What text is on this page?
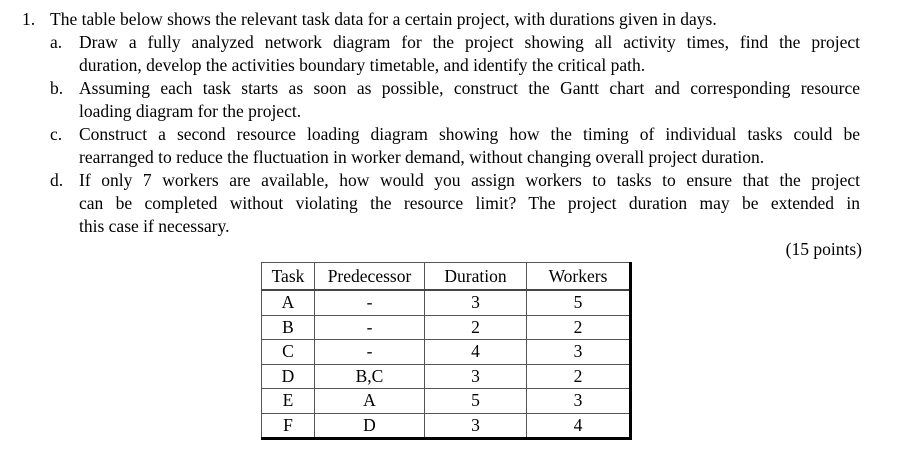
1. The table below shows the relevant task data for a certain project, with durations given in days.
a. Draw a fully analyzed network diagram for the project showing all activity times, find the project
duration, develop the activities boundary timetable, and identify the critical path.
b. Assuming each task starts as soon as possible, construct the Gantt chart and corresponding resource
loading diagram for the project.
c. Construct a second resource loading diagram showing how the timing of individual tasks could be
rearranged to reduce the fluctuation in worker demand, without changing overall project duration.
d. If only 7 workers are available, how would you assign workers to tasks to ensure that the project
can be completed without violating the resource limit? The project duration may be extended in
this case if necessary.
(15 points)
Task	Predecessor	Duration	Workers
A	-	3	5
B	-	2	2
C	-	4	3
D	B,C	3	2
E	A	5	3
F	D	3	4
